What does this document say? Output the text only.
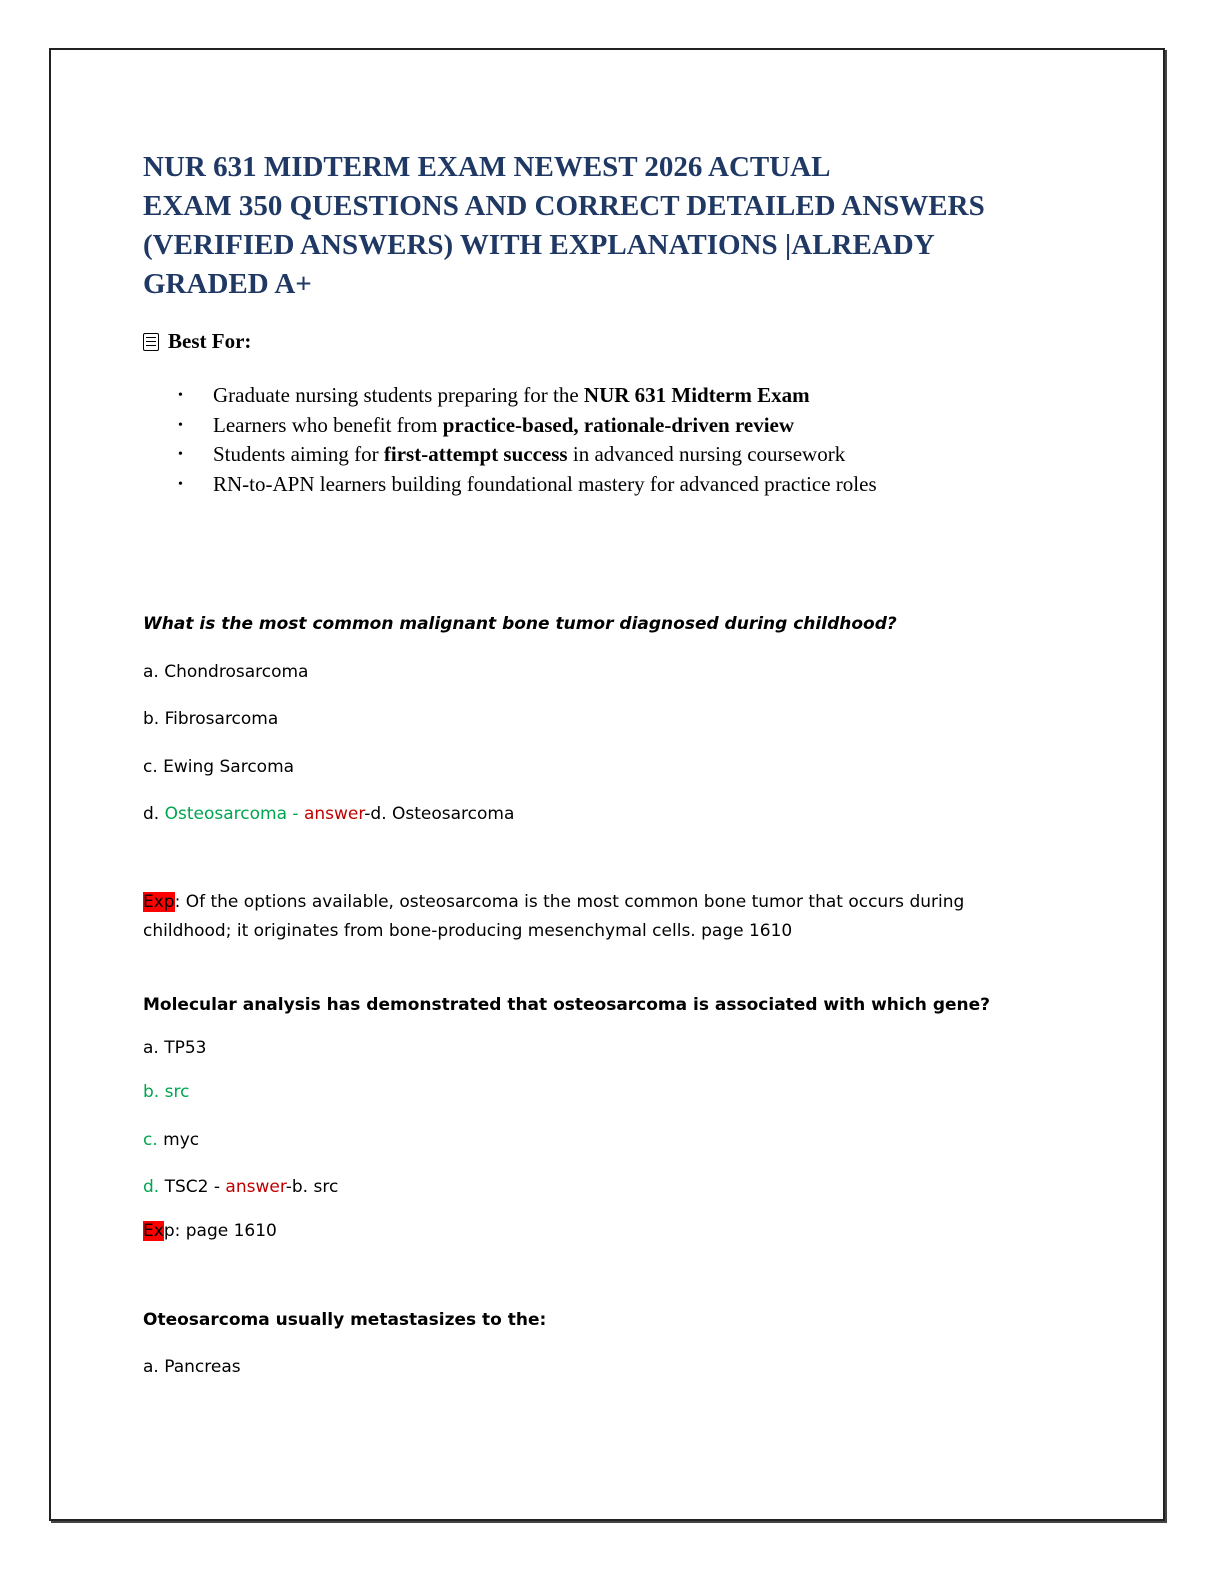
NUR 631 MIDTERM EXAM NEWEST 2026 ACTUAL
EXAM 350 QUESTIONS AND CORRECT DETAILED ANSWERS
(VERIFIED ANSWERS) WITH EXPLANATIONS |ALREADY
GRADED A+
Best For:
•	Graduate nursing students preparing for the NUR 631 Midterm Exam
•	Learners who benefit from practice-based, rationale-driven review
•	Students aiming for first-attempt success in advanced nursing coursework
•	RN-to-APN learners building foundational mastery for advanced practice roles

What is the most common malignant bone tumor diagnosed during childhood?

a. Chondrosarcoma

b. Fibrosarcoma

c. Ewing Sarcoma

d. Osteosarcoma - answer-d. Osteosarcoma

Exp: Of the options available, osteosarcoma is the most common bone tumor that occurs during childhood; it originates from bone-producing mesenchymal cells. page 1610

Molecular analysis has demonstrated that osteosarcoma is associated with which gene?

a. TP53

b. src

c. myc

d. TSC2 - answer-b. src

Exp: page 1610

Oteosarcoma usually metastasizes to the:

a. Pancreas
